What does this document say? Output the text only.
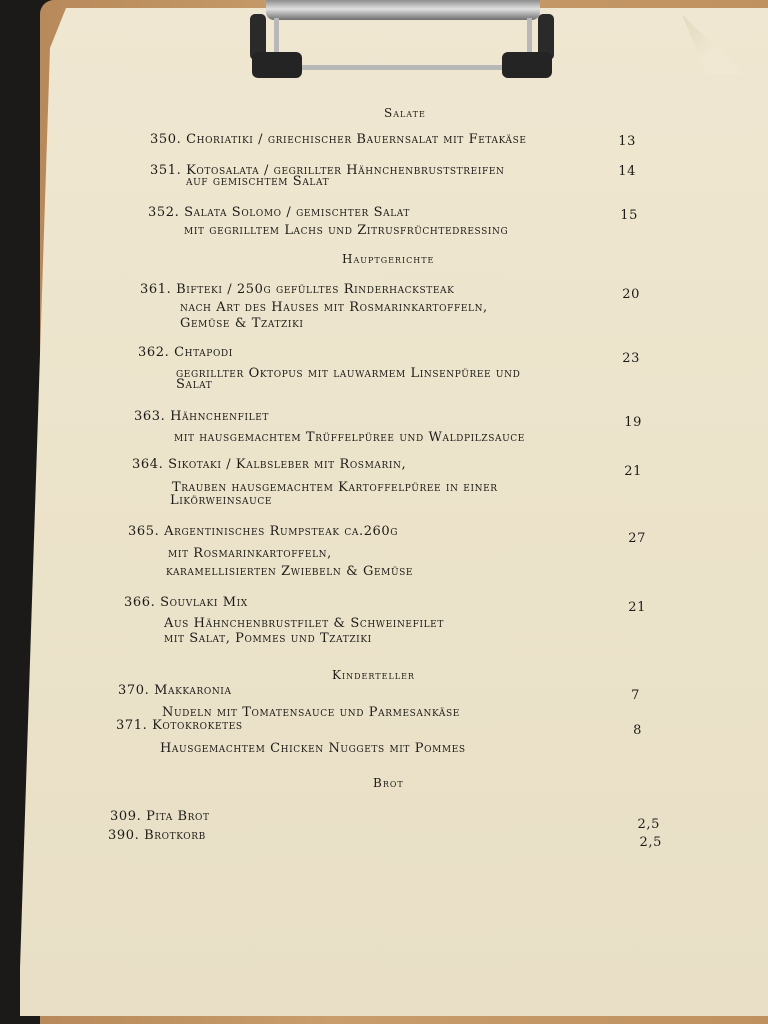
Salate
350. Choriatiki / griechischer Bauernsalat mit Fetakäse	13
351. Kotosalata / gegrillter Hähnchenbruststreifen
auf gemischtem Salat
14
352. Salata Solomo / gemischter Salat
mit gegrilltem Lachs und Zitrusfrüchtedressing
15
Hauptgerichte
361. Bifteki / 250g gefülltes Rinderhacksteak
nach Art des Hauses mit Rosmarinkartoffeln,
Gemüse & Tzatziki
20
362. Chtapodi
gegrillter Oktopus mit lauwarmem Linsenpüree und
Salat
23
363. Hähnchenfilet
mit hausgemachtem Trüffelpüree und Waldpilzsauce
19
364. Sikotaki / Kalbsleber mit Rosmarin,
Trauben hausgemachtem Kartoffelpüree in einer
Likörweinsauce
21
365. Argentinisches Rumpsteak ca.260g
mit Rosmarinkartoffeln,
karamellisierten Zwiebeln & Gemüse
27
366. Souvlaki Mix
Aus Hähnchenbrustfilet & Schweinefilet
mit Salat, Pommes und Tzatziki
21
Kinderteller
370. Makkaronia
Nudeln mit Tomatensauce und Parmesankäse
7
371. Kotokroketes
Hausgemachtem Chicken Nuggets mit Pommes
8
Brot
309. Pita Brot
2,5
390. Brotkorb	2,5
